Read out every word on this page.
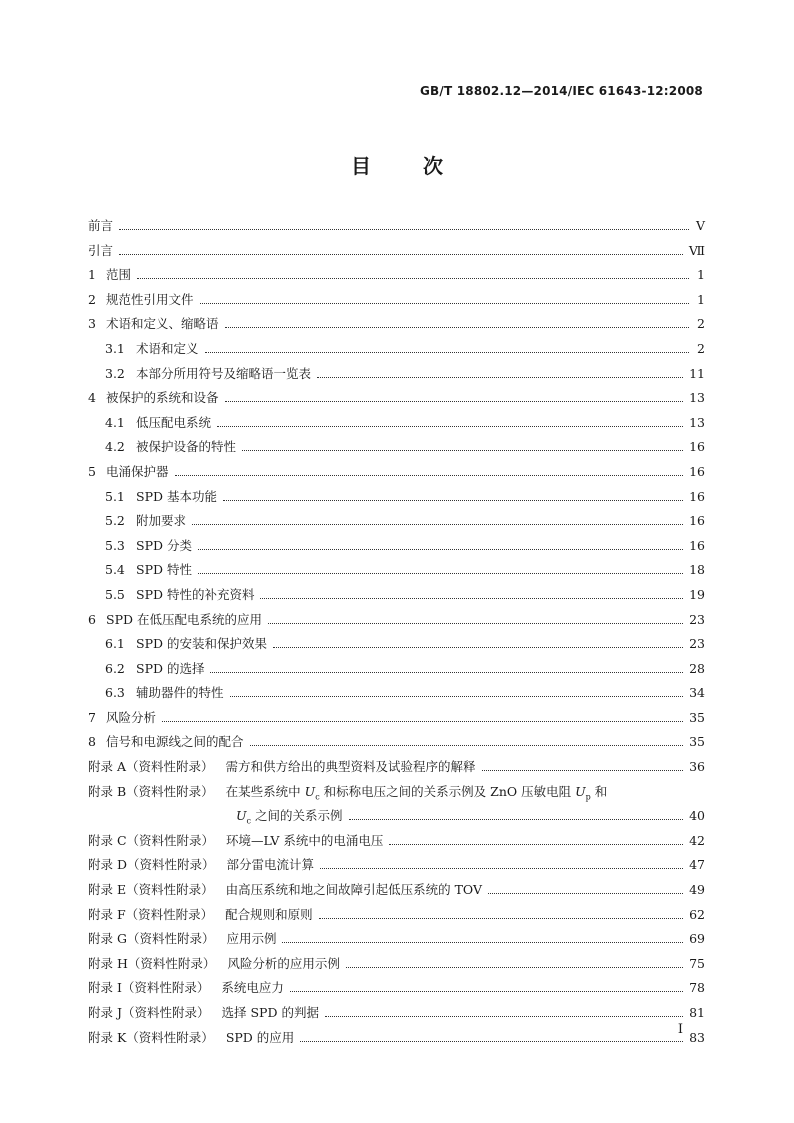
GB/T 18802.12—2014/IEC 61643-12:2008
目	次
前言	Ⅴ
引言	Ⅶ
1 范围	1
2 规范性引用文件	1
3 术语和定义、缩略语	2
3.1 术语和定义	2
3.2 本部分所用符号及缩略语一览表	11
4 被保护的系统和设备	13
4.1 低压配电系统	13
4.2 被保护设备的特性	16
5 电涌保护器	16
5.1 SPD 基本功能	16
5.2 附加要求	16
5.3 SPD 分类	16
5.4 SPD 特性	18
5.5 SPD 特性的补充资料	19
6 SPD 在低压配电系统的应用	23
6.1 SPD 的安装和保护效果	23
6.2 SPD 的选择	28
6.3 辅助器件的特性	34
7 风险分析	35
8 信号和电源线之间的配合	35
附录 A（资料性附录） 需方和供方给出的典型资料及试验程序的解释	36
附录 B（资料性附录） 在某些系统中 $U_c$ 和标称电压之间的关系示例及 ZnO 压敏电阻 $U_p$ 和
$U_c$ 之间的关系示例	40
附录 C（资料性附录） 环境—LV 系统中的电涌电压	42
附录 D（资料性附录） 部分雷电流计算	47
附录 E（资料性附录） 由高压系统和地之间故障引起低压系统的 TOV	49
附录 F（资料性附录） 配合规则和原则	62
附录 G（资料性附录） 应用示例	69
附录 H（资料性附录） 风险分析的应用示例	75
附录 I（资料性附录） 系统电应力	78
附录 J（资料性附录） 选择 SPD 的判据	81
附录 K（资料性附录） SPD 的应用	83
I
